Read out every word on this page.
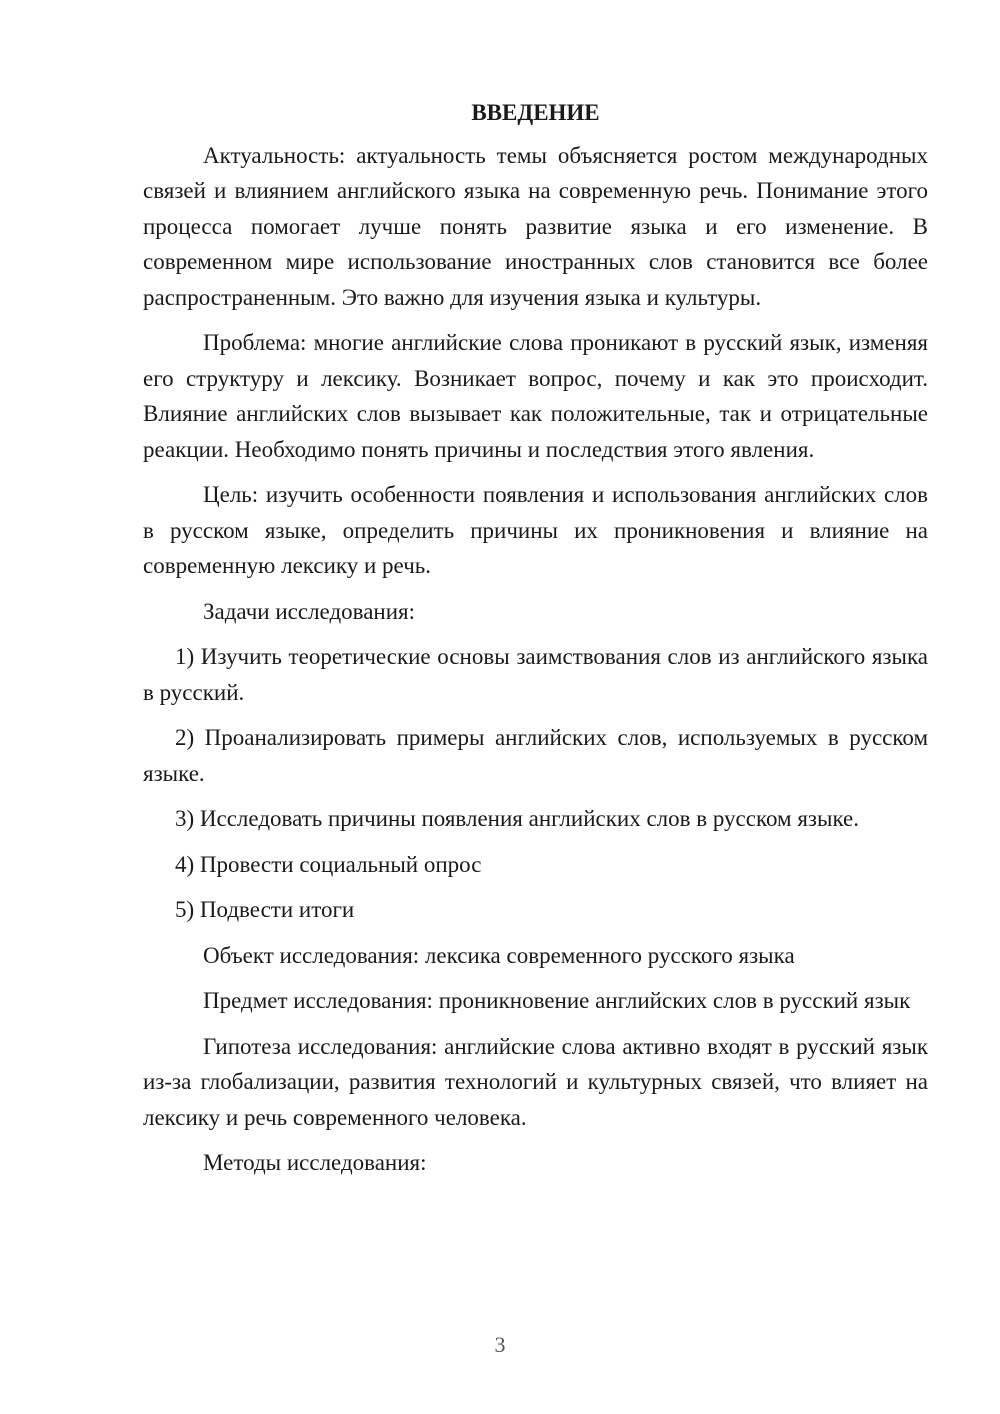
ВВЕДЕНИЕ

Актуальность: актуальность темы объясняется ростом международных связей и влиянием английского языка на современную речь. Понимание этого процесса помогает лучше понять развитие языка и его изменение. В современном мире использование иностранных слов становится все более распространенным. Это важно для изучения языка и культуры.

Проблема: многие английские слова проникают в русский язык, изменяя его структуру и лексику. Возникает вопрос, почему и как это происходит. Влияние английских слов вызывает как положительные, так и отрицательные реакции. Необходимо понять причины и последствия этого явления.

Цель: изучить особенности появления и использования английских слов в русском языке, определить причины их проникновения и влияние на современную лексику и речь.

Задачи исследования:

1) Изучить теоретические основы заимствования слов из английского языка в русский.

2) Проанализировать примеры английских слов, используемых в русском языке.

3) Исследовать причины появления английских слов в русском языке.

4) Провести социальный опрос

5) Подвести итоги

Объект исследования: лексика современного русского языка

Предмет исследования: проникновение английских слов в русский язык

Гипотеза исследования: английские слова активно входят в русский язык из-за глобализации, развития технологий и культурных связей, что влияет на лексику и речь современного человека.

Методы исследования:

3
